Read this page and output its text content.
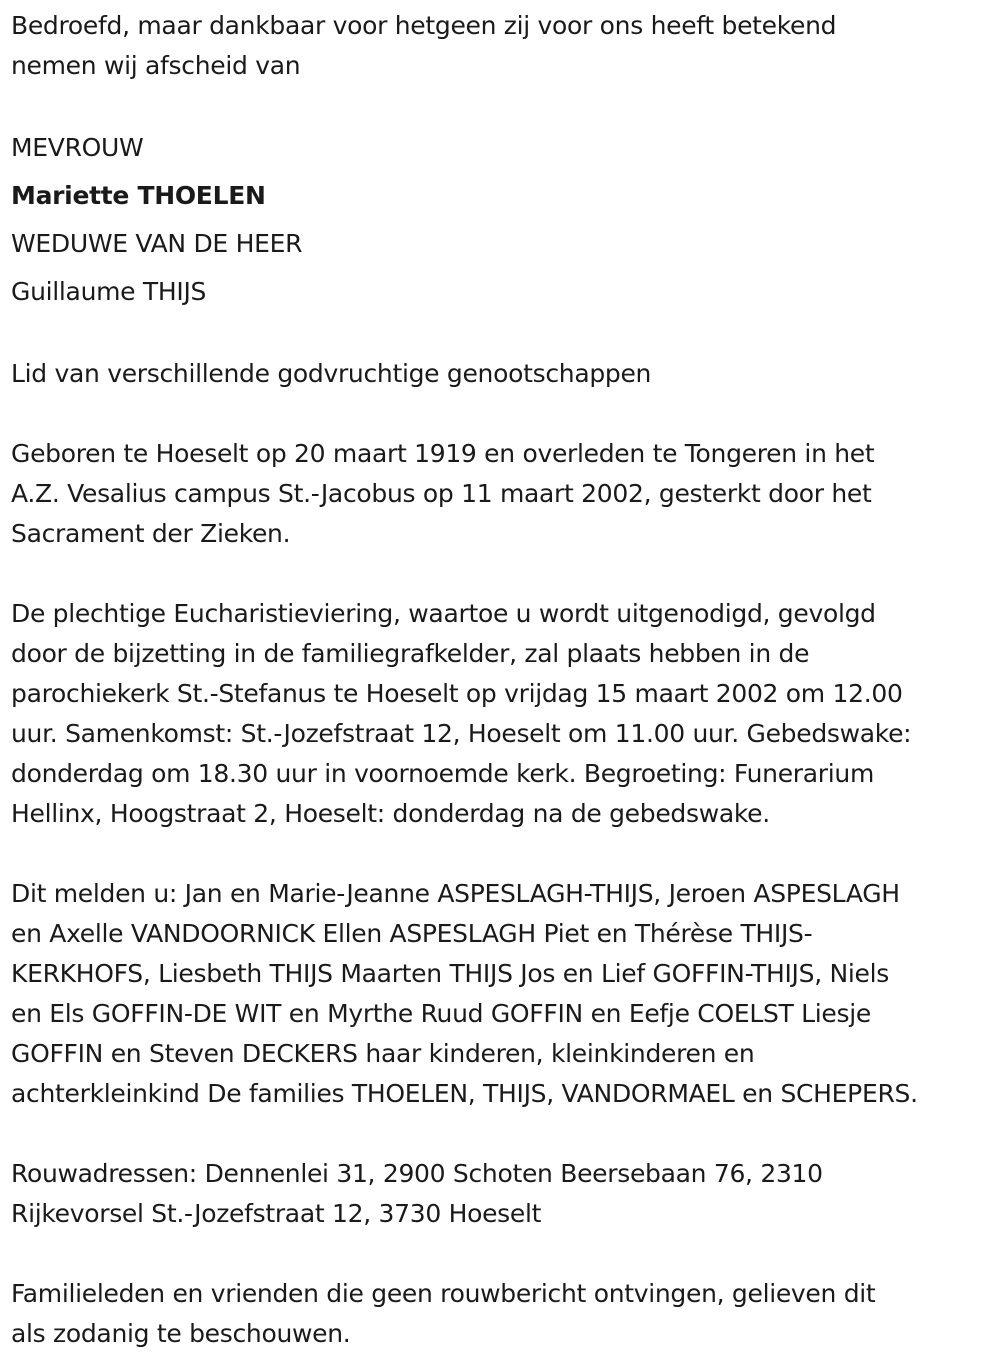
Bedroefd, maar dankbaar voor hetgeen zij voor ons heeft betekend
nemen wij afscheid van

MEVROUW

Mariette THOELEN

WEDUWE VAN DE HEER

Guillaume THIJS

Lid van verschillende godvruchtige genootschappen

Geboren te Hoeselt op 20 maart 1919 en overleden te Tongeren in het
A.Z. Vesalius campus St.-Jacobus op 11 maart 2002, gesterkt door het
Sacrament der Zieken.

De plechtige Eucharistieviering, waartoe u wordt uitgenodigd, gevolgd
door de bijzetting in de familiegrafkelder, zal plaats hebben in de
parochiekerk St.-Stefanus te Hoeselt op vrijdag 15 maart 2002 om 12.00
uur. Samenkomst: St.-Jozefstraat 12, Hoeselt om 11.00 uur. Gebedswake:
donderdag om 18.30 uur in voornoemde kerk. Begroeting: Funerarium
Hellinx, Hoogstraat 2, Hoeselt: donderdag na de gebedswake.

Dit melden u: Jan en Marie-Jeanne ASPESLAGH-THIJS, Jeroen ASPESLAGH
en Axelle VANDOORNICK Ellen ASPESLAGH Piet en Thérèse THIJS-
KERKHOFS, Liesbeth THIJS Maarten THIJS Jos en Lief GOFFIN-THIJS, Niels
en Els GOFFIN-DE WIT en Myrthe Ruud GOFFIN en Eefje COELST Liesje
GOFFIN en Steven DECKERS haar kinderen, kleinkinderen en
achterkleinkind De families THOELEN, THIJS, VANDORMAEL en SCHEPERS.

Rouwadressen: Dennenlei 31, 2900 Schoten Beersebaan 76, 2310
Rijkevorsel St.-Jozefstraat 12, 3730 Hoeselt

Familieleden en vrienden die geen rouwbericht ontvingen, gelieven dit
als zodanig te beschouwen.
